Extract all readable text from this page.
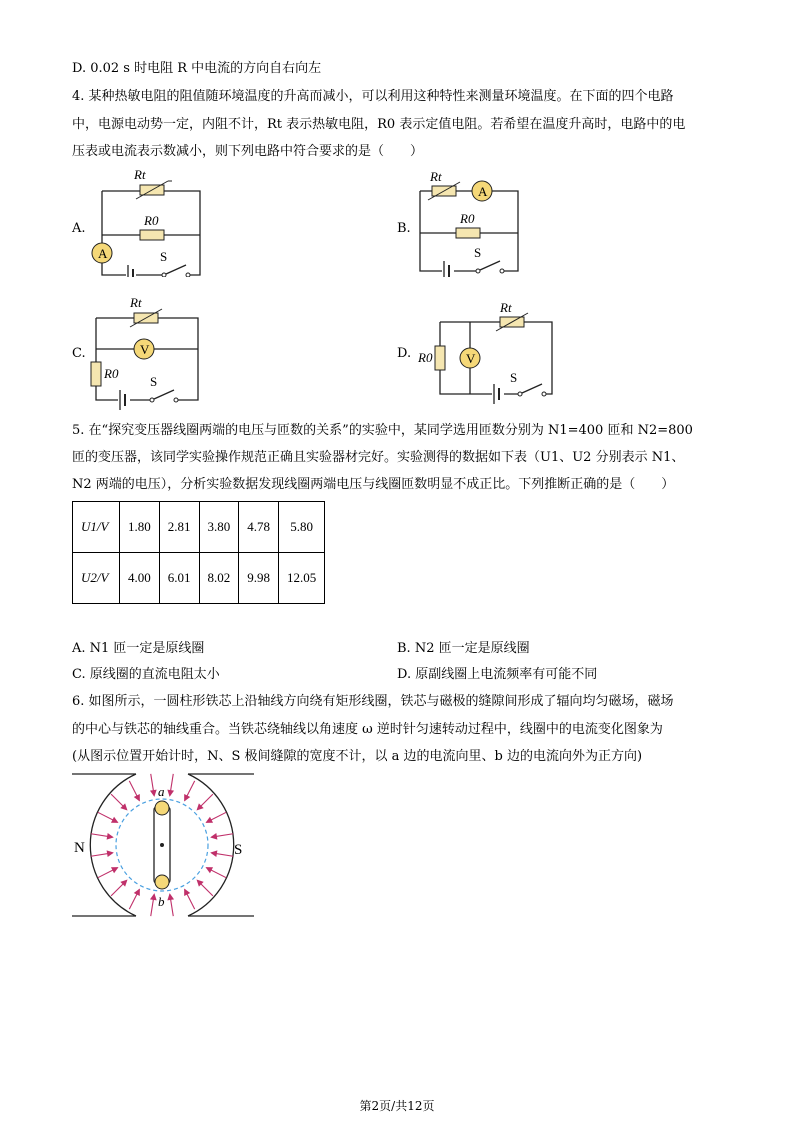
D. 0.02 s 时电阻 R 中电流的方向自右向左
4. 某种热敏电阻的阻值随环境温度的升高而减小，可以利用这种特性来测量环境温度。在下面的四个电路
中，电源电动势一定，内阻不计，Rt 表示热敏电阻，R0 表示定值电阻。若希望在温度升高时，电路中的电
压表或电流表示数减小，则下列电路中符合要求的是（　　）
A.
Rt
R0
A	S
B.
Rt
A
R0
S
C.
Rt
V
R0
S
D. R0	V
Rt
S
5. 在“探究变压器线圈两端的电压与匝数的关系”的实验中，某同学选用匝数分别为 N1=400 匝和 N2=800
匝的变压器，该同学实验操作规范正确且实验器材完好。实验测得的数据如下表（U1、U2 分别表示 N1、
N2 两端的电压），分析实验数据发现线圈两端电压与线圈匝数明显不成正比。下列推断正确的是（　　）
U1/V	1.80	2.81	3.80	4.78	5.80
U2/V	4.00	6.01	8.02	9.98	12.05
A. N1 匝一定是原线圈	B. N2 匝一定是原线圈
C. 原线圈的直流电阻太小	D. 原副线圈上电流频率有可能不同
6. 如图所示，一圆柱形铁芯上沿轴线方向绕有矩形线圈，铁芯与磁极的缝隙间形成了辐向均匀磁场，磁场
的中心与铁芯的轴线重合。当铁芯绕轴线以角速度 ω 逆时针匀速转动过程中，线圈中的电流变化图象为
(从图示位置开始计时，N、S 极间缝隙的宽度不计，以 a 边的电流向里、b 边的电流向外为正方向)
a
b
N	S
第2页/共12页
